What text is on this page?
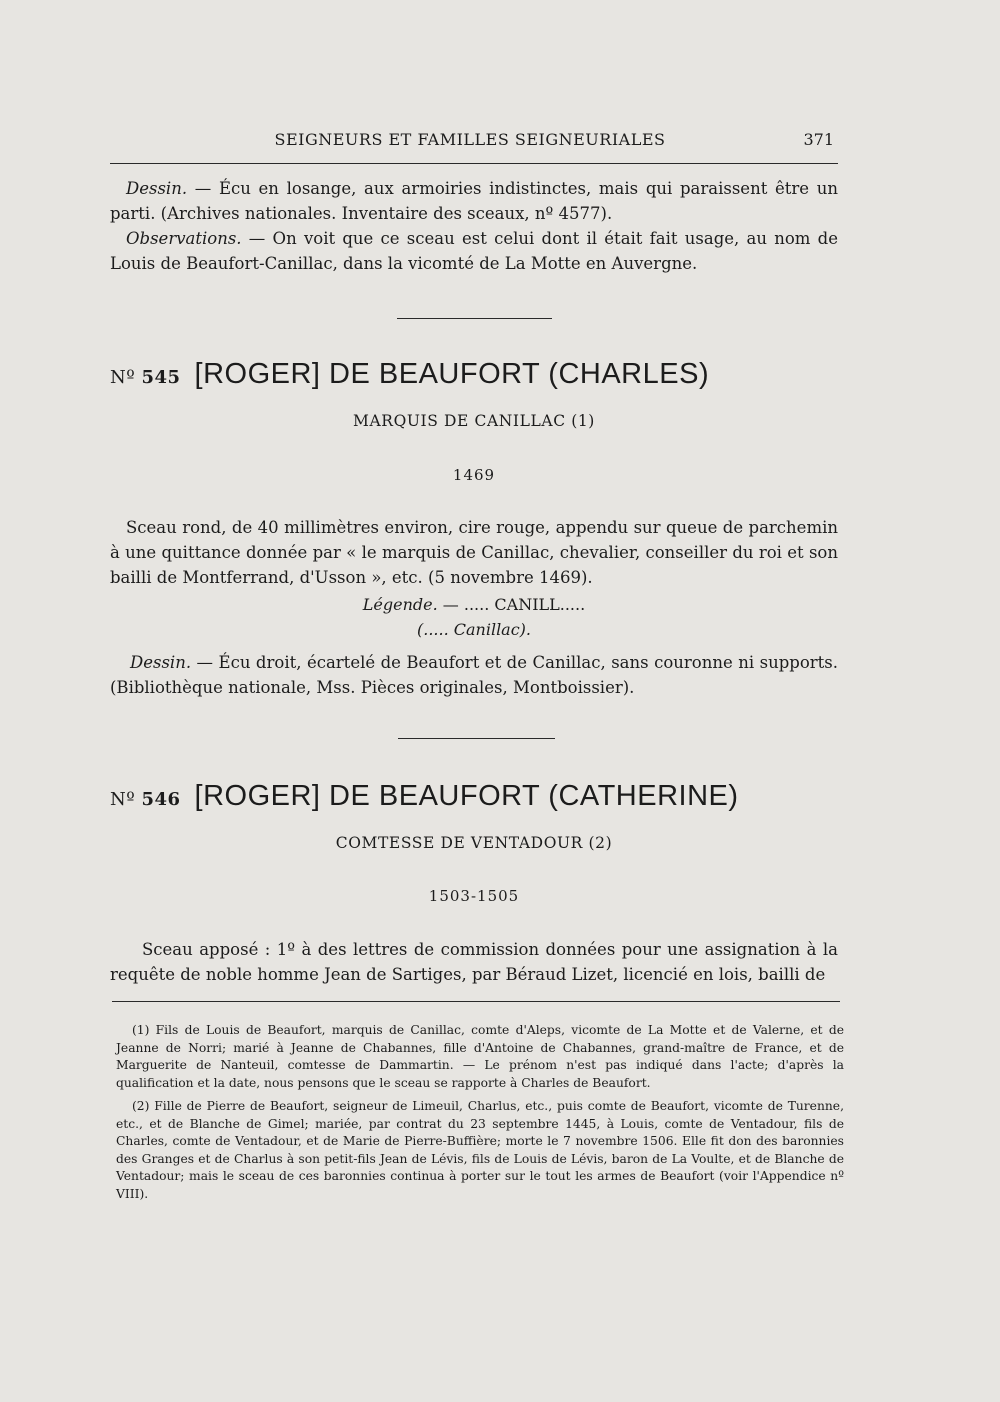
SEIGNEURS ET FAMILLES SEIGNEURIALES	371

Dessin. — Écu en losange, aux armoiries indistinctes, mais qui paraissent être un parti. (Archives nationales. Inventaire des sceaux, nº 4577).

Observations. — On voit que ce sceau est celui dont il était fait usage, au nom de Louis de Beaufort-Canillac, dans la vicomté de La Motte en Auvergne.

Nº 545 [ROGER] DE BEAUFORT (CHARLES)
MARQUIS DE CANILLAC (1)
1469

Sceau rond, de 40 millimètres environ, cire rouge, appendu sur queue de parchemin à une quittance donnée par « le marquis de Canillac, chevalier, conseiller du roi et son bailli de Montferrand, d'Usson », etc. (5 novembre 1469).

Légende. — ..... CANILL.....
(..... Canillac).

Dessin. — Écu droit, écartelé de Beaufort et de Canillac, sans couronne ni supports. (Bibliothèque nationale, Mss. Pièces originales, Montboissier).

Nº 546 [ROGER] DE BEAUFORT (CATHERINE)
COMTESSE DE VENTADOUR (2)
1503-1505

Sceau apposé : 1º à des lettres de commission données pour une assignation à la requête de noble homme Jean de Sartiges, par Béraud Lizet, licencié en lois, bailli de

(1) Fils de Louis de Beaufort, marquis de Canillac, comte d'Aleps, vicomte de La Motte et de Valerne, et de Jeanne de Norri; marié à Jeanne de Chabannes, fille d'Antoine de Chabannes, grand-maître de France, et de Marguerite de Nanteuil, comtesse de Dammartin. — Le prénom n'est pas indiqué dans l'acte; d'après la qualification et la date, nous pensons que le sceau se rapporte à Charles de Beaufort.

(2) Fille de Pierre de Beaufort, seigneur de Limeuil, Charlus, etc., puis comte de Beaufort, vicomte de Turenne, etc., et de Blanche de Gimel; mariée, par contrat du 23 septembre 1445, à Louis, comte de Ventadour, fils de Charles, comte de Ventadour, et de Marie de Pierre-Buffière; morte le 7 novembre 1506. Elle fit don des baronnies des Granges et de Charlus à son petit-fils Jean de Lévis, fils de Louis de Lévis, baron de La Voulte, et de Blanche de Ventadour; mais le sceau de ces baronnies continua à porter sur le tout les armes de Beaufort (voir l'Appendice nº VIII).
